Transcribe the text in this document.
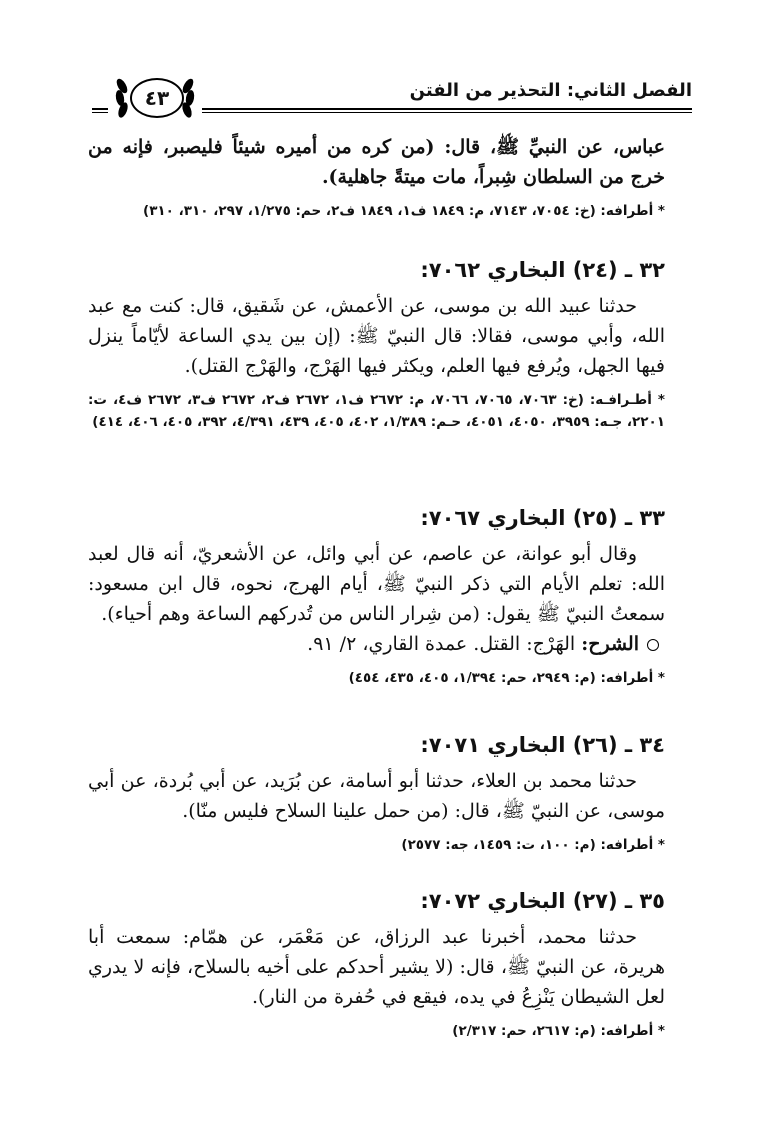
الفصل الثاني: التحذير من الفتن
٤٣

عباس، عن النبيِّ ﷺ، قال: (من كره من أميره شيئاً فليصبر، فإنه من خرج من السلطان شِبراً، مات ميتةً جاهلية).

* أطرافه: (خ: ٧٠٥٤، ٧١٤٣، م: ١٨٤٩ ف١، ١٨٤٩ ف٢، حم: ١/٢٧٥، ٢٩٧، ٣١٠، ٣١٠)

٣٢ ـ (٢٤) البخاري ٧٠٦٢:

حدثنا عبيد الله بن موسى، عن الأعمش، عن شَقيق، قال: كنت مع عبد الله، وأبي موسى، فقالا: قال النبيّ ﷺ: (إن بين يدي الساعة لأيّاماً ينزل فيها الجهل، ويُرفع فيها العلم، ويكثر فيها الهَرْج، والهَرْج القتل).

* أطـرافـه: (خ: ٧٠٦٣، ٧٠٦٥، ٧٠٦٦، م: ٢٦٧٢ ف١، ٢٦٧٢ ف٢، ٢٦٧٢ ف٣، ٢٦٧٢ ف٤، ت: ٢٢٠١، جـه: ٣٩٥٩، ٤٠٥٠، ٤٠٥١، حـم: ١/٣٨٩، ٤٠٢، ٤٠٥، ٤٣٩، ٤/٣٩١، ٣٩٢، ٤٠٥، ٤٠٦، ٤١٤)

٣٣ ـ (٢٥) البخاري ٧٠٦٧:

وقال أبو عوانة، عن عاصم، عن أبي وائل، عن الأشعريّ، أنه قال لعبد الله: تعلم الأيام التي ذكر النبيّ ﷺ، أيام الهرج، نحوه، قال ابن مسعود: سمعتُ النبيّ ﷺ يقول: (من شِرار الناس من تُدركهم الساعة وهم أحياء).

الشرح: الهَرْج: القتل. عمدة القاري، ٢/ ٩١.

* أطرافه: (م: ٢٩٤٩، حم: ١/٣٩٤، ٤٠٥، ٤٣٥، ٤٥٤)

٣٤ ـ (٢٦) البخاري ٧٠٧١:

حدثنا محمد بن العلاء، حدثنا أبو أسامة، عن بُرَيد، عن أبي بُردة، عن أبي موسى، عن النبيّ ﷺ، قال: (من حمل علينا السلاح فليس منّا).

* أطرافه: (م: ١٠٠، ت: ١٤٥٩، جه: ٢٥٧٧)

٣٥ ـ (٢٧) البخاري ٧٠٧٢:

حدثنا محمد، أخبرنا عبد الرزاق، عن مَعْمَر، عن همّام: سمعت أبا هريرة، عن النبيّ ﷺ، قال: (لا يشير أحدكم على أخيه بالسلاح، فإنه لا يدري لعل الشيطان يَنْزِعُ في يده، فيقع في حُفرة من النار).

* أطرافه: (م: ٢٦١٧، حم: ٢/٣١٧)
